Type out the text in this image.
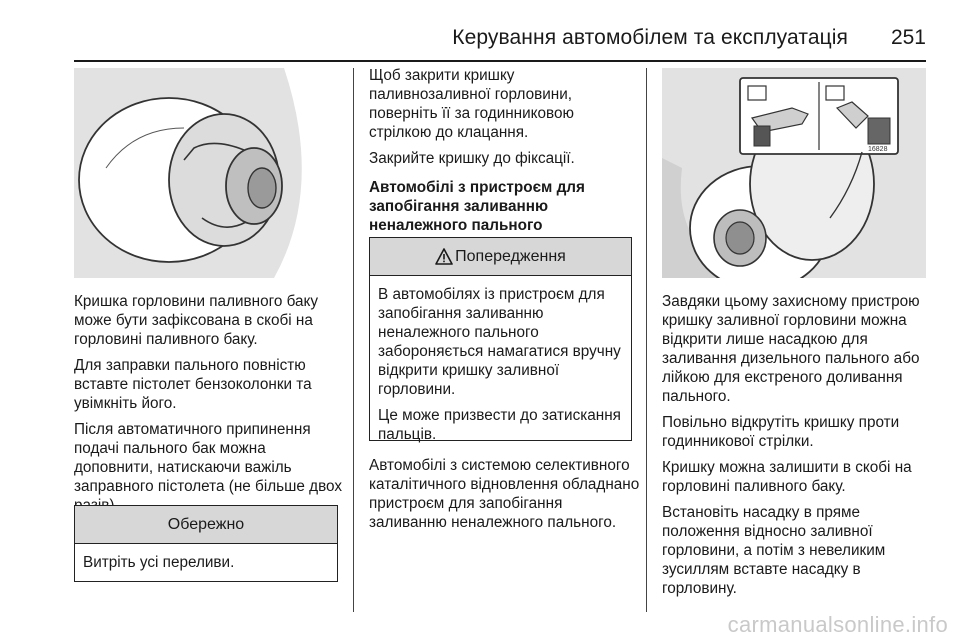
Керування автомобілем та експлуатація 251

Кришка горловини паливного баку може бути зафіксована в скобі на горловині паливного баку.

Для заправки пального повністю вставте пістолет бензоколонки та увімкніть його.

Після автоматичного припинення подачі пального бак можна доповнити, натискаючи важіль заправного пістолета (не більше двох

Обережно

Витріть усі переливи.

Щоб закрити кришку паливнозаливної горловини, поверніть її за годинниковою стрілкою до клацання.

Закрийте кришку до фіксації.

Автомобілі з пристроєм для запобігання заливанню неналежного пального
Попередження

В автомобілях із пристроєм для запобігання заливанню неналежного пального забороняється намагатися вручну відкрити кришку заливної горловини.

Це може призвести до затискання пальців.

Автомобілі з системою селективного каталітичного відновлення обладнано пристроєм для запобігання заливанню неналежного пального.

16828

Завдяки цьому захисному пристрою кришку заливної горловини можна відкрити лише насадкою для заливання дизельного пального або лійкою для екстреного доливання пального.

Повільно відкрутіть кришку проти годинникової стрілки.

Кришку можна залишити в скобі на горловині паливного баку.

Встановіть насадку в пряме положення відносно заливної горловини, а потім з невеликим зусиллям вставте насадку в горловину.

carmanualsonline.info
